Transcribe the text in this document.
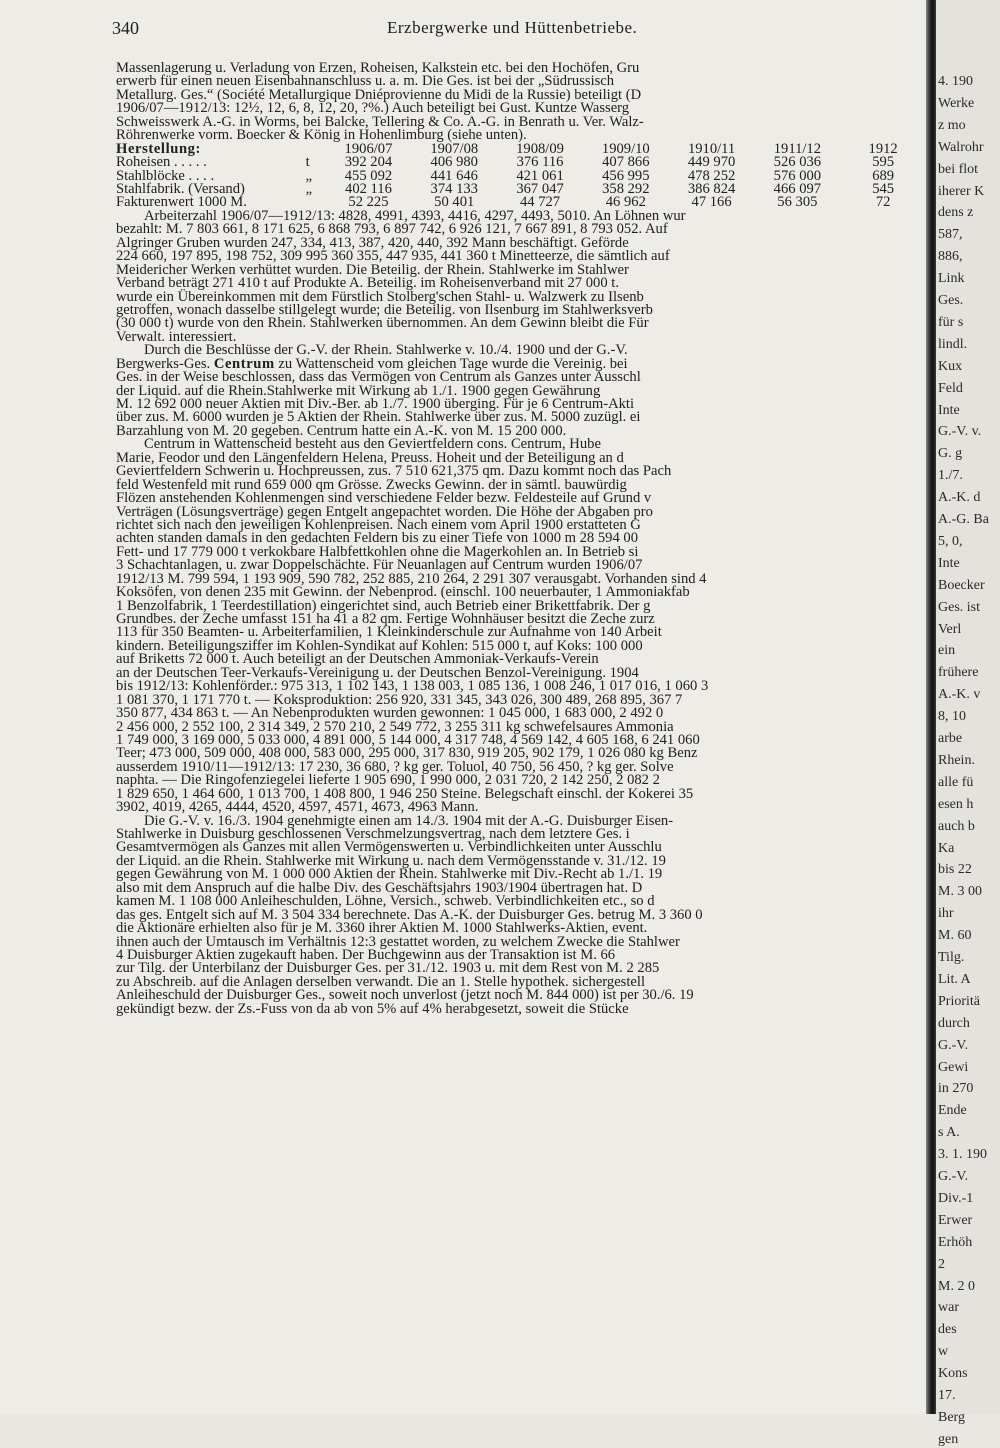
340	Erzbergwerke und Hüttenbetriebe.
Massenlagerung u. Verladung von Erzen, Roheisen, Kalkstein etc. bei den Hochöfen, Gru
erwerb für einen neuen Eisenbahnanschluss u. a. m. Die Ges. ist bei der „Südrussisch
Metallurg. Ges.“ (Société Metallurgique Dniéprovienne du Midi de la Russie) beteiligt (D
1906/07—1912/13: 12½, 12, 6, 8, 12, 20, ?%.) Auch beteiligt bei Gust. Kuntze Wasserg
Schweisswerk A.-G. in Worms, bei Balcke, Tellering & Co. A.-G. in Benrath u. Ver. Walz-
Röhrenwerke vorm. Boecker & König in Hohenlimburg (siehe unten).
Herstellung:		1906/07	1907/08	1908/09	1909/10	1910/11	1911/12	1912
Roheisen . . . . .	t	392 204	406 980	376 116	407 866	449 970	526 036	595
Stahlblöcke . . . .	„	455 092	441 646	421 061	456 995	478 252	576 000	689
Stahlfabrik. (Versand)	„	402 116	374 133	367 047	358 292	386 824	466 097	545
Fakturenwert 1000 M.		52 225	50 401	44 727	46 962	47 166	56 305	72
Arbeiterzahl 1906/07—1912/13: 4828, 4991, 4393, 4416, 4297, 4493, 5010. An Löhnen wur
bezahlt: M. 7 803 661, 8 171 625, 6 868 793, 6 897 742, 6 926 121, 7 667 891, 8 793 052. Auf
Algringer Gruben wurden 247, 334, 413, 387, 420, 440, 392 Mann beschäftigt. Geförde
224 660, 197 895, 198 752, 309 995 360 355, 447 935, 441 360 t Minetteerze, die sämtlich auf
Meidericher Werken verhüttet wurden. Die Beteilig. der Rhein. Stahlwerke im Stahlwer
Verband beträgt 271 410 t auf Produkte A. Beteilig. im Roheisenverband mit 27 000 t.
wurde ein Übereinkommen mit dem Fürstlich Stolberg'schen Stahl- u. Walzwerk zu Ilsenb
getroffen, wonach dasselbe stillgelegt wurde; die Beteilig. von Ilsenburg im Stahlwerksverb
(30 000 t) wurde von den Rhein. Stahlwerken übernommen. An dem Gewinn bleibt die Für
Verwalt. interessiert.
Durch die Beschlüsse der G.-V. der Rhein. Stahlwerke v. 10./4. 1900 und der G.-V.
Bergwerks-Ges. Centrum zu Wattenscheid vom gleichen Tage wurde die Vereinig. bei
Ges. in der Weise beschlossen, dass das Vermögen von Centrum als Ganzes unter Ausschl
der Liquid. auf die Rhein.Stahlwerke mit Wirkung ab 1./1. 1900 gegen Gewährung
M. 12 692 000 neuer Aktien mit Div.-Ber. ab 1./7. 1900 überging. Für je 6 Centrum-Akti
über zus. M. 6000 wurden je 5 Aktien der Rhein. Stahlwerke über zus. M. 5000 zuzügl. ei
Barzahlung von M. 20 gegeben. Centrum hatte ein A.-K. von M. 15 200 000.
Centrum in Wattenscheid besteht aus den Geviertfeldern cons. Centrum, Hube
Marie, Feodor und den Längenfeldern Helena, Preuss. Hoheit und der Beteiligung an d
Geviertfeldern Schwerin u. Hochpreussen, zus. 7 510 621,375 qm. Dazu kommt noch das Pach
feld Westenfeld mit rund 659 000 qm Grösse. Zwecks Gewinn. der in sämtl. bauwürdig
Flözen anstehenden Kohlenmengen sind verschiedene Felder bezw. Feldesteile auf Grund v
Verträgen (Lösungsverträge) gegen Entgelt angepachtet worden. Die Höhe der Abgaben pro
richtet sich nach den jeweiligen Kohlenpreisen. Nach einem vom April 1900 erstatteten G
achten standen damals in den gedachten Feldern bis zu einer Tiefe von 1000 m 28 594 00
Fett- und 17 779 000 t verkokbare Halbfettkohlen ohne die Magerkohlen an. In Betrieb si
3 Schachtanlagen, u. zwar Doppelschächte. Für Neuanlagen auf Centrum wurden 1906/07
1912/13 M. 799 594, 1 193 909, 590 782, 252 885, 210 264, 2 291 307 verausgabt. Vorhanden sind 4
Koksöfen, von denen 235 mit Gewinn. der Nebenprod. (einschl. 100 neuerbauter, 1 Ammoniakfab
1 Benzolfabrik, 1 Teerdestillation) eingerichtet sind, auch Betrieb einer Brikettfabrik. Der g
Grundbes. der Zeche umfasst 151 ha 41 a 82 qm. Fertige Wohnhäuser besitzt die Zeche zurz
113 für 350 Beamten- u. Arbeiterfamilien, 1 Kleinkinderschule zur Aufnahme von 140 Arbeit
kindern. Beteiligungsziffer im Kohlen-Syndikat auf Kohlen: 515 000 t, auf Koks: 100 000
auf Briketts 72 000 t. Auch beteiligt an der Deutschen Ammoniak-Verkaufs-Verein
an der Deutschen Teer-Verkaufs-Vereinigung u. der Deutschen Benzol-Vereinigung. 1904
bis 1912/13: Kohlenförder.: 975 313, 1 102 143, 1 138 003, 1 085 136, 1 008 246, 1 017 016, 1 060 3
1 081 370, 1 171 770 t. — Koksproduktion: 256 920, 331 345, 343 026, 300 489, 268 895, 367 7
350 877, 434 863 t. — An Nebenprodukten wurden gewonnen: 1 045 000, 1 683 000, 2 492 0
2 456 000, 2 552 100, 2 314 349, 2 570 210, 2 549 772, 3 255 311 kg schwefelsaures Ammonia
1 749 000, 3 169 000, 5 033 000, 4 891 000, 5 144 000, 4 317 748, 4 569 142, 4 605 168, 6 241 060
Teer; 473 000, 509 000, 408 000, 583 000, 295 000, 317 830, 919 205, 902 179, 1 026 080 kg Benz
ausserdem 1910/11—1912/13: 17 230, 36 680, ? kg ger. Toluol, 40 750, 56 450, ? kg ger. Solve
naphta. — Die Ringofenziegelei lieferte 1 905 690, 1 990 000, 2 031 720, 2 142 250, 2 082 2
1 829 650, 1 464 600, 1 013 700, 1 408 800, 1 946 250 Steine. Belegschaft einschl. der Kokerei 35
3902, 4019, 4265, 4444, 4520, 4597, 4571, 4673, 4963 Mann.
Die G.-V. v. 16./3. 1904 genehmigte einen am 14./3. 1904 mit der A.-G. Duisburger Eisen-
Stahlwerke in Duisburg geschlossenen Verschmelzungsvertrag, nach dem letztere Ges. i
Gesamtvermögen als Ganzes mit allen Vermögenswerten u. Verbindlichkeiten unter Ausschlu
der Liquid. an die Rhein. Stahlwerke mit Wirkung u. nach dem Vermögensstande v. 31./12. 19
gegen Gewährung von M. 1 000 000 Aktien der Rhein. Stahlwerke mit Div.-Recht ab 1./1. 19
also mit dem Anspruch auf die halbe Div. des Geschäftsjahrs 1903/1904 übertragen hat. D
kamen M. 1 108 000 Anleiheschulden, Löhne, Versich., schweb. Verbindlichkeiten etc., so d
das ges. Entgelt sich auf M. 3 504 334 berechnete. Das A.-K. der Duisburger Ges. betrug M. 3 360 0
die Aktionäre erhielten also für je M. 3360 ihrer Aktien M. 1000 Stahlwerks-Aktien, event.
ihnen auch der Umtausch im Verhältnis 12:3 gestattet worden, zu welchem Zwecke die Stahlwer
4 Duisburger Aktien zugekauft haben. Der Buchgewinn aus der Transaktion ist M. 66
zur Tilg. der Unterbilanz der Duisburger Ges. per 31./12. 1903 u. mit dem Rest von M. 2 285
zu Abschreib. auf die Anlagen derselben verwandt. Die an 1. Stelle hypothek. sichergestell
Anleiheschuld der Duisburger Ges., soweit noch unverlost (jetzt noch M. 844 000) ist per 30./6. 19
gekündigt bezw. der Zs.-Fuss von da ab von 5% auf 4% herabgesetzt, soweit die Stücke
4. 190
Werke
z mo
Walrohr
bei flot
iherer K
dens z
587,
886,
Link
Ges.
für s
lindl.
Kux
Feld
Inte
G.-V. v.
G. g
1./7.
A.-K. d
A.-G. Ba
5, 0,
Inte
Boecker
Ges. ist
Verl
ein
frühere
A.-K. v
8, 10
arbe
Rhein.
alle fü
esen h
auch b
Ka
bis 22
M. 3 00
ihr
M. 60
Tilg.
Lit. A
Prioritä
durch
G.-V.
Gewi
in 270
Ende
s A.
3. 1. 190
G.-V.
Div.-1
Erwer
Erhöh
2
M. 2 0
war
des
w
Kons
17.
Berg
gen
